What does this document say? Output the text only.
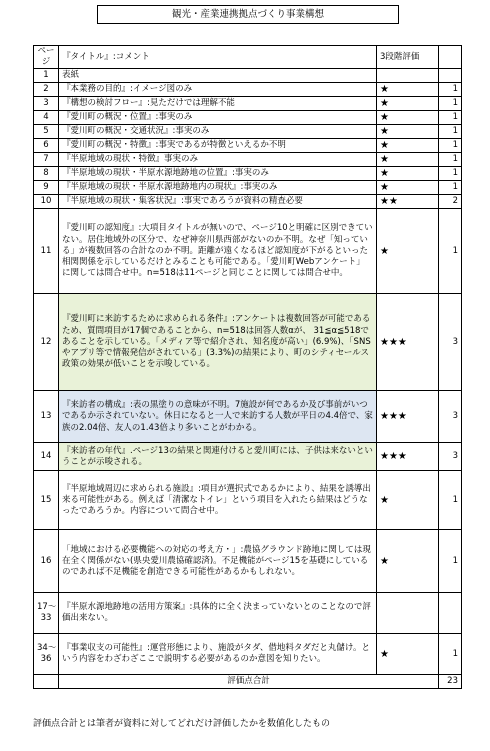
観光・産業連携拠点づくり事業構想
ページ	『タイトル』:コメント	3段階評価	
1	表紙		
2	『本業務の目的』:イメージ図のみ	★	1
3	『構想の検討フロー』:見ただけでは理解不能	★	1
4	『愛川町の概況・位置』:事実のみ	★	1
5	『愛川町の概況・交通状況』:事実のみ	★	1
6	『愛川町の概況・特徴』:事実であるが特徴といえるか不明	★	1
7	『半原地域の現状・特徴』事実のみ	★	1
8	『半原地域の現状・半原水源地跡地の位置』:事実のみ	★	1
9	『半原地域の現状・半原水源地跡地内の現状』:事実のみ	★	1
10	『半原地域の現状・集客状況』:事実であろうが資料の精査必要	★★	2
11	『愛川町の認知度』:大項目タイトルが無いので、ページ10と明確に区別できていない。居住地域外の区分で、なぜ神奈川県西部がないのか不明。なぜ「知っている」が複数回答の合計なのか不明。距離が遠くなるほど認知度が下がるといった相関関係を示しているだけとみることも可能である。「愛川町Webアンケート」に関しては問合せ中。n=518は11ページと同じことに関しては問合せ中。	★	1
12	『愛川町に来訪するために求められる条件』:アンケートは複数回答が可能であるため、質問項目が17個であることから、n=518は回答人数αが、 31≦α≦518であることを示している。「メディア等で紹介され、知名度が高い」(6.9%)、「SNSやアプリ等で情報発信がされている」(3.3%)の結果により、町のシティセールス政策の効果が低いことを示唆している。	★★★	3
13	『来訪者の構成』:表の黒塗りの意味が不明。7施設が何であるか及び事前がいつであるか示されていない。休日になると一人で来訪する人数が平日の4.4倍で、家族の2.04倍、友人の1.43倍より多いことがわかる。	★★★	3
14	『来訪者の年代』.ページ13の結果と関連付けると愛川町には、子供は来ないということが示唆される。	★★★	3
15	『半原地域周辺に求められる施設』:項目が選択式であるかにより、結果を誘導出来る可能性がある。例えば「清潔なトイレ」という項目を入れたら結果はどうなったであろうか。内容について問合せ中。	★	1
16	「地域における必要機能への対応の考え方・」:農協グラウンド跡地に関しては現在全く関係がない(県央愛川農協確認済)。不足機能がページ15を基礎にしているのであれば不足機能を創造できる可能性があるかもしれない。	★	1
17〜33	『半原水源地跡地の活用方策案』:具体的に全く決まっていないとのことなので評価出来ない。		
34〜36	『事業収支の可能性』:運営形態により、施設がタダ、借地料タダだと丸儲け。という内容をわざわざここで説明する必要があるのか意図を知りたい。	★	1
	評価点合計		23
評価点合計とは筆者が資料に対してどれだけ評価したかを数値化したもの
